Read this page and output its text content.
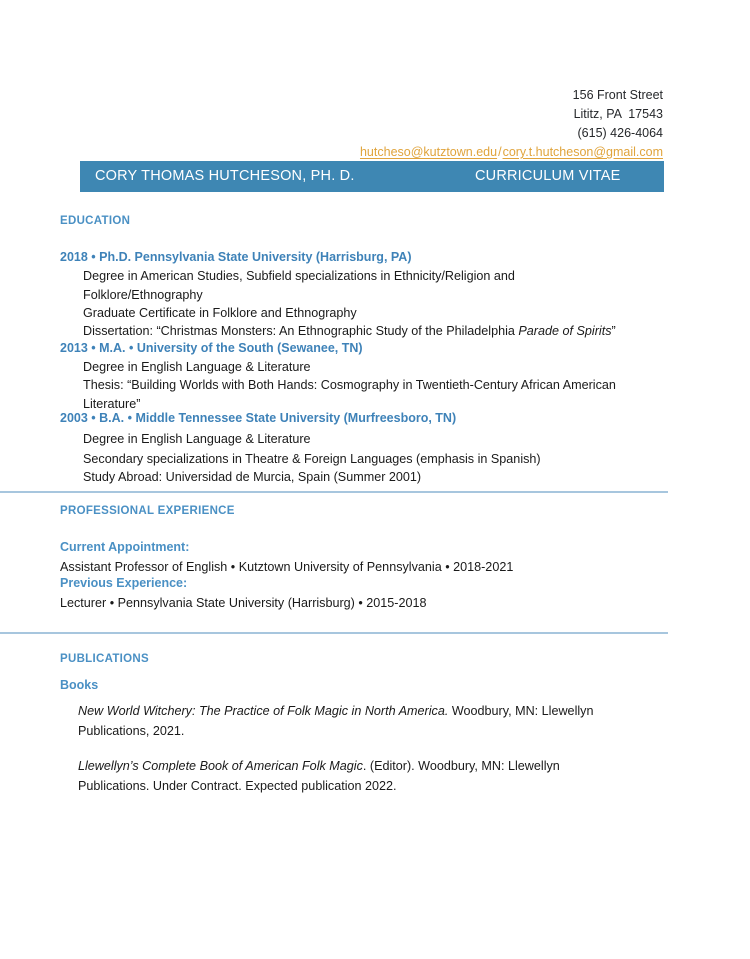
156 Front Street
Lititz, PA  17543
(615) 426-4064
hutcheso@kutztown.edu/cory.t.hutcheson@gmail.com
CORY THOMAS HUTCHESON, PH. D.	CURRICULUM VITAE
EDUCATION
2018 • Ph.D. Pennsylvania State University (Harrisburg, PA)
Degree in American Studies, Subfield specializations in Ethnicity/Religion and Folklore/Ethnography
Graduate Certificate in Folklore and Ethnography
Dissertation: “Christmas Monsters: An Ethnographic Study of the Philadelphia Parade of Spirits”
2013 • M.A. • University of the South (Sewanee, TN)
Degree in English Language & Literature
Thesis: “Building Worlds with Both Hands: Cosmography in Twentieth-Century African American Literature”
2003 • B.A. • Middle Tennessee State University (Murfreesboro, TN)
Degree in English Language & Literature
Secondary specializations in Theatre & Foreign Languages (emphasis in Spanish)
Study Abroad: Universidad de Murcia, Spain (Summer 2001)
PROFESSIONAL EXPERIENCE
Current Appointment:
Assistant Professor of English • Kutztown University of Pennsylvania • 2018-2021
Previous Experience:
Lecturer • Pennsylvania State University (Harrisburg) • 2015-2018
PUBLICATIONS
Books
New World Witchery: The Practice of Folk Magic in North America. Woodbury, MN: Llewellyn Publications, 2021.
Llewellyn’s Complete Book of American Folk Magic. (Editor). Woodbury, MN: Llewellyn Publications. Under Contract. Expected publication 2022.
